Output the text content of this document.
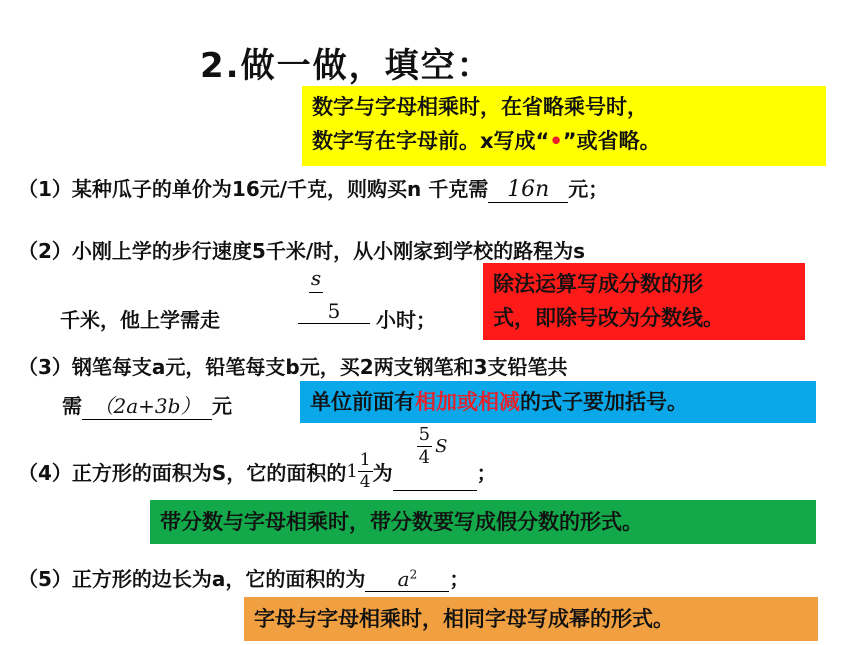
2.做一做，填空：
数字与字母相乘时，在省略乘号时，
数字写在字母前。x写成“•”或省略。
（1）某种瓜子的单价为16元/千克，则购买n 千克需 16n 元；
（2）小刚上学的步行速度5千米/时，从小刚家到学校的路程为s
千米，他上学需走	$\frac{s}{5}$ 小时；
除法运算写成分数的形
式，即除号改为分数线。
（3）钢笔每支a元，铅笔每支b元，买2两支钢笔和3支铅笔共
需 （2a+3b） 元	单位前面有相加或相减的式子要加括号。
（4）正方形的面积为S，它的面积的 $1 \frac{1}{4}$ 为
$\frac{5}{4}$ S
；
带分数与字母相乘时，带分数要写成假分数的形式。
（5）正方形的边长为a，它的面积的为 $a^2$ ；
字母与字母相乘时，相同字母写成幂的形式。
